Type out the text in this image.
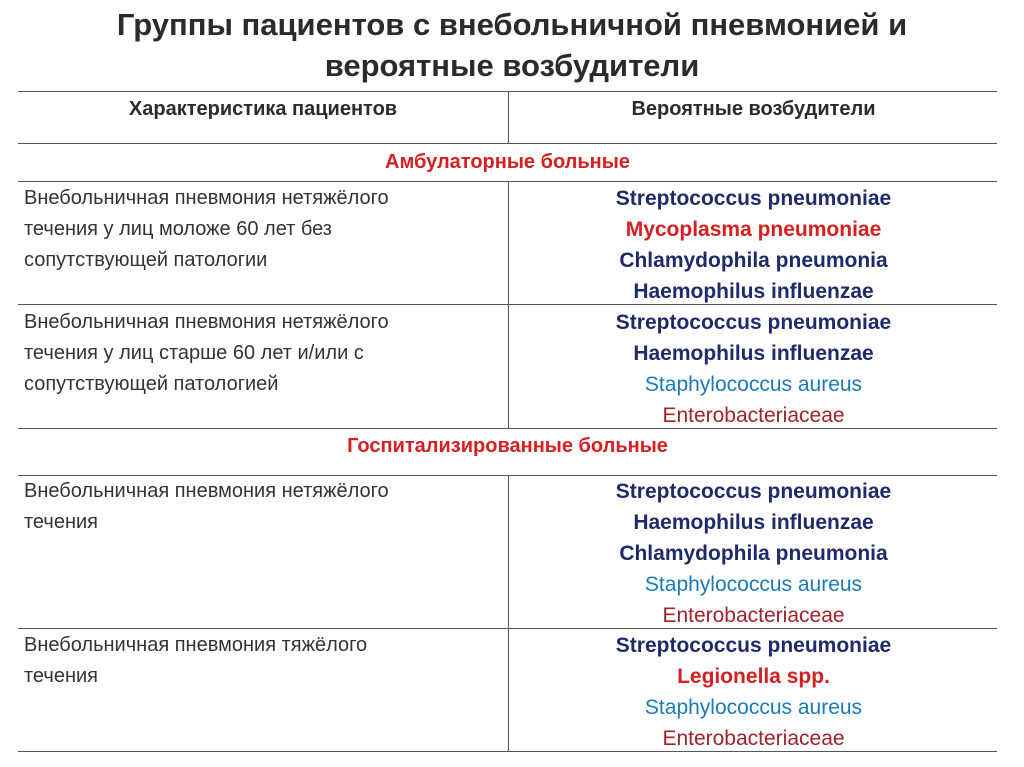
Группы пациентов с внебольничной пневмонией и
вероятные возбудители
Характеристика пациентов	Вероятные возбудители
Амбулаторные больные
Внебольничная пневмония нетяжёлого
течения у лиц моложе 60 лет без
сопутствующей патологии
Streptococcus pneumoniae
Mycoplasma pneumoniae
Chlamydophila pneumonia
Haemophilus influenzae
Внебольничная пневмония нетяжёлого
течения у лиц старше 60 лет и/или с
сопутствующей патологией
Streptococcus pneumoniae
Haemophilus influenzae
Staphylococcus aureus
Enterobacteriaceae
Госпитализированные больные
Внебольничная пневмония нетяжёлого
течения
Streptococcus pneumoniae
Haemophilus influenzae
Chlamydophila pneumonia
Staphylococcus aureus
Enterobacteriaceae
Внебольничная пневмония тяжёлого
течения
Streptococcus pneumoniae
Legionella spp.
Staphylococcus aureus
Enterobacteriaceae
